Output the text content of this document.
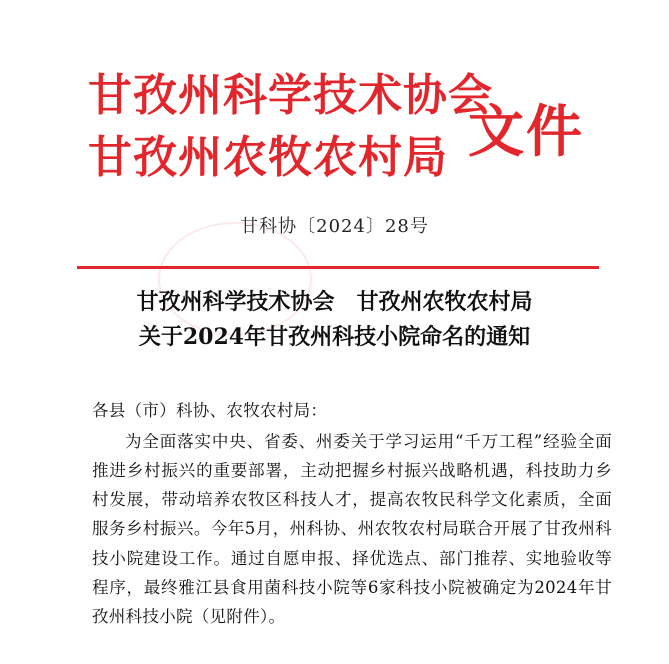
甘孜州科学技术协会
甘孜州农牧农村局 文件
甘科协〔2024〕28号
甘孜州科学技术协会　甘孜州农牧农村局
关于2024年甘孜州科技小院命名的通知

各县（市）科协、农牧农村局：

为全面落实中央、省委、州委关于学习运用“千万工程”经验全面推进乡村振兴的重要部署，主动把握乡村振兴战略机遇，科技助力乡村发展，带动培养农牧区科技人才，提高农牧民科学文化素质，全面服务乡村振兴。今年5月，州科协、州农牧农村局联合开展了甘孜州科技小院建设工作。通过自愿申报、择优选点、部门推荐、实地验收等程序，最终雅江县食用菌科技小院等6家科技小院被确定为2024年甘孜州科技小院（见附件）。
